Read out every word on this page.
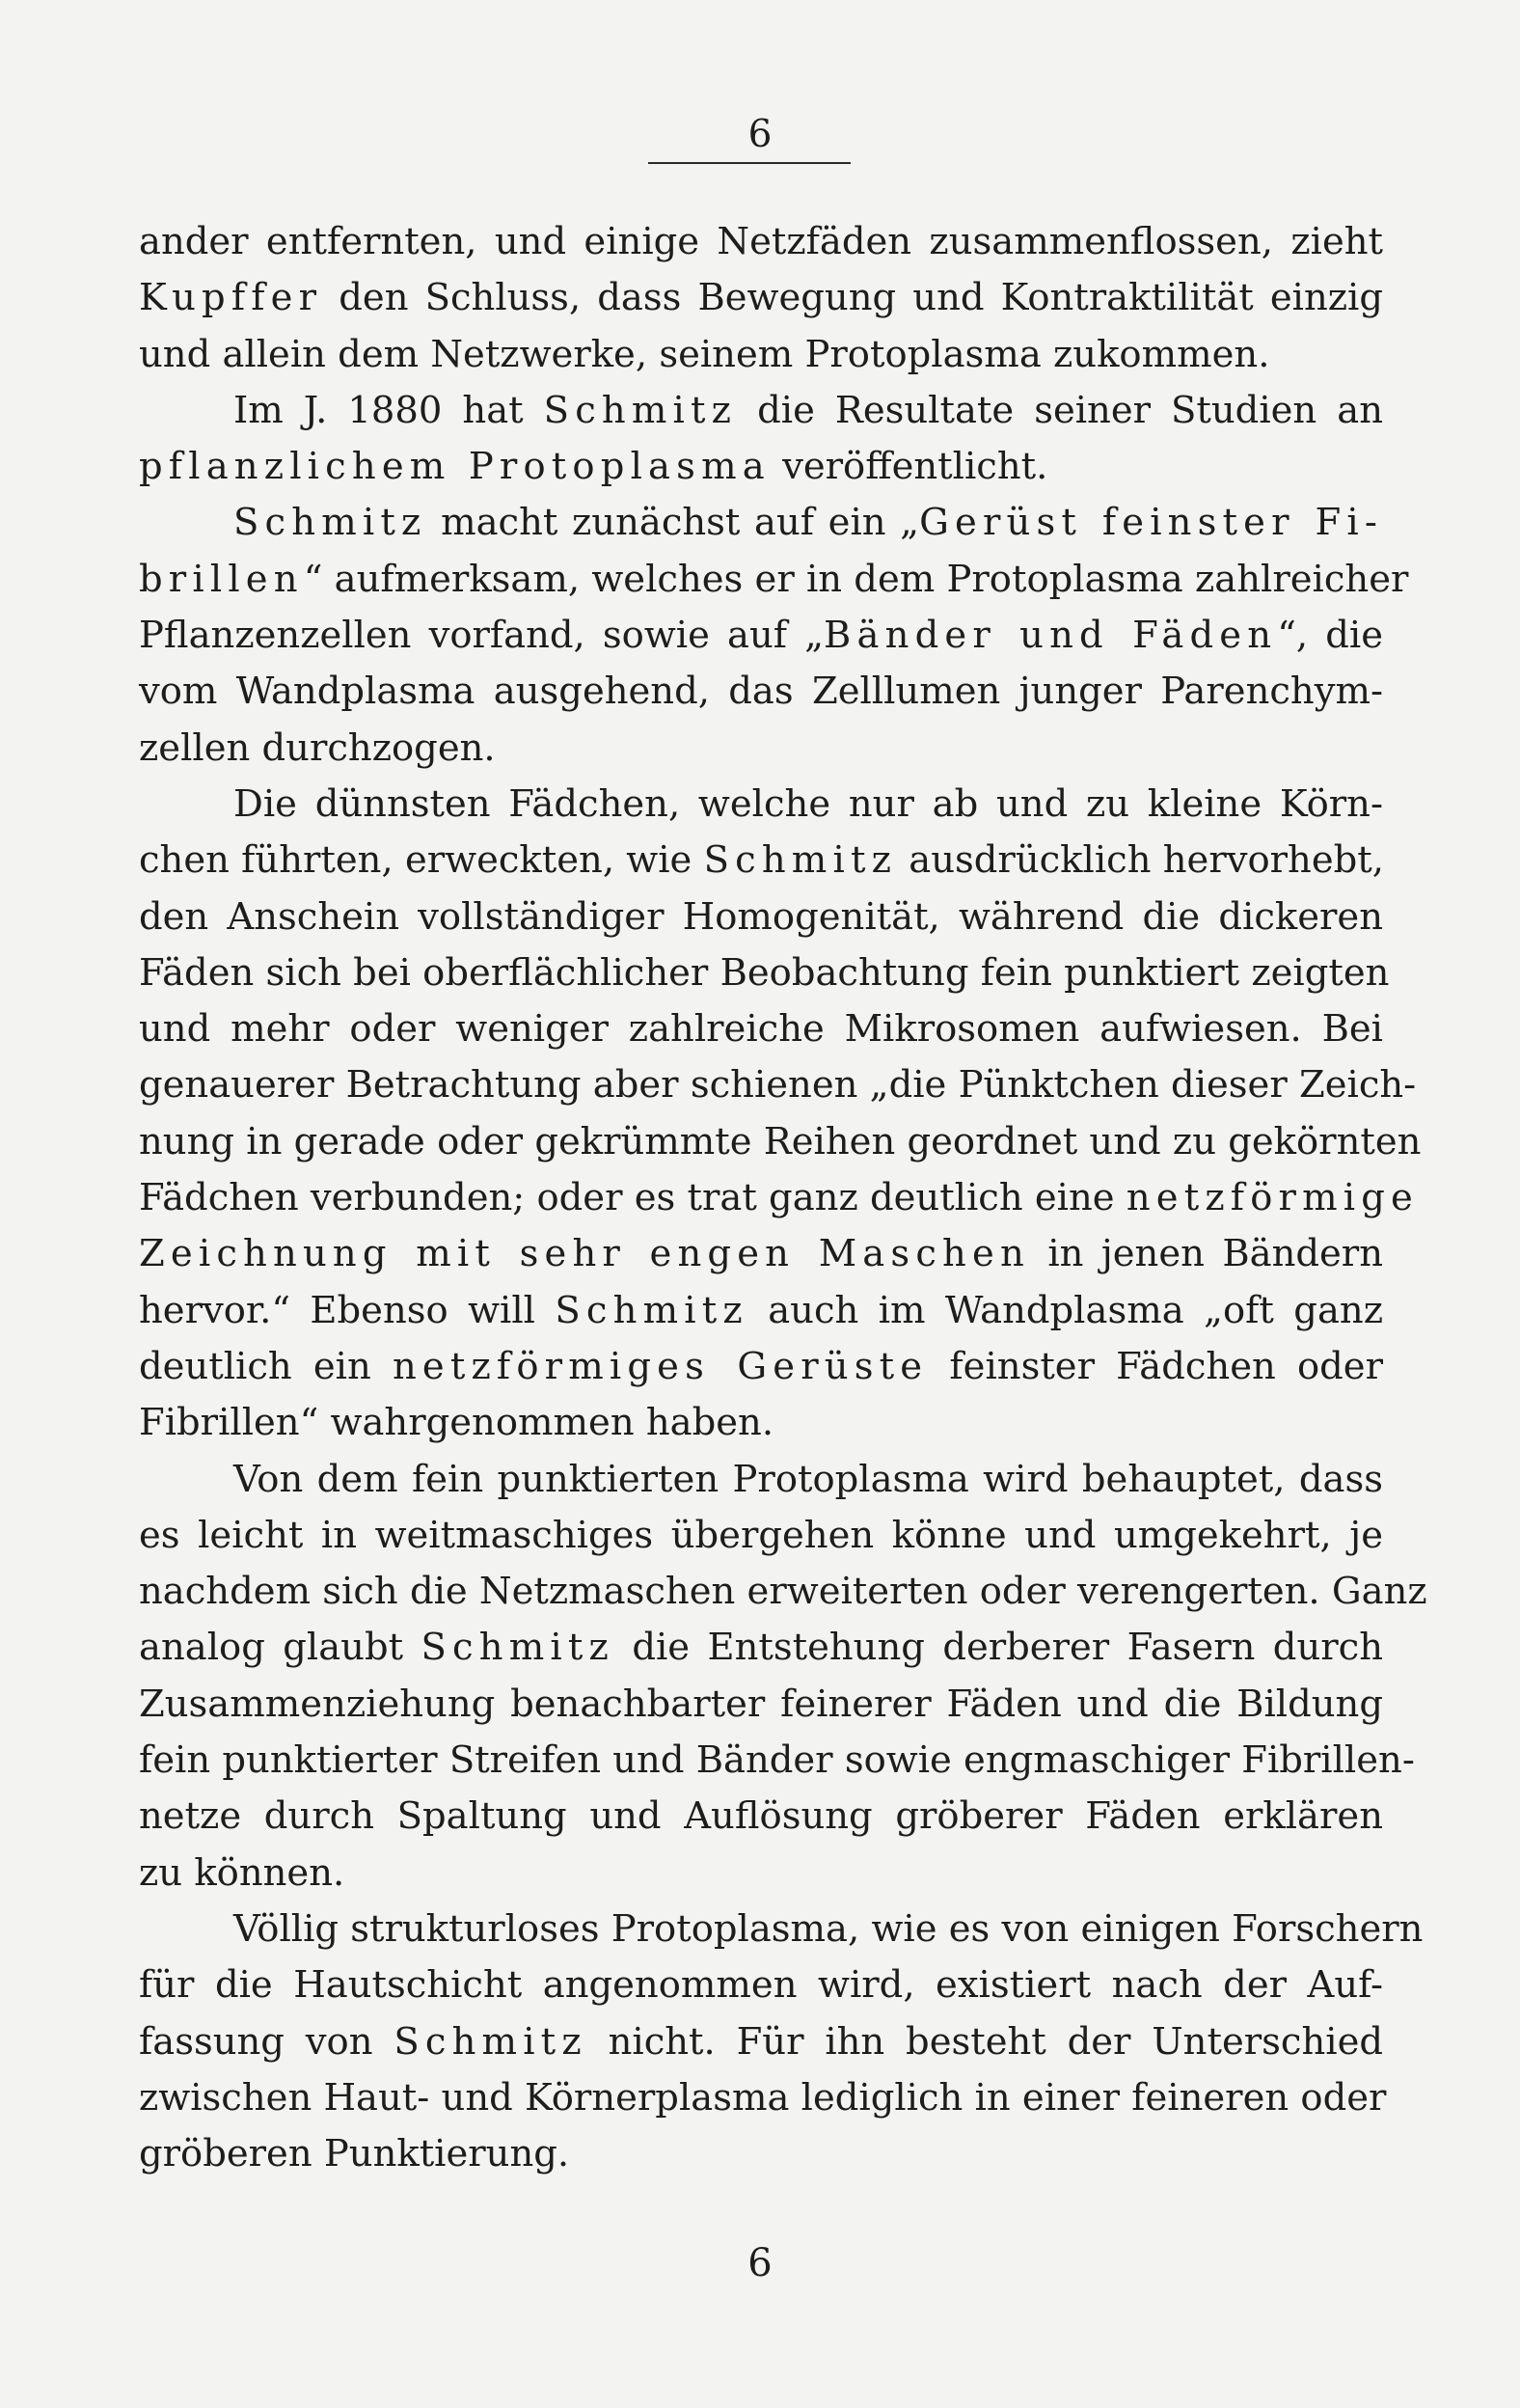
6

ander entfernten, und einige Netzfäden zusammenflossen, zieht
Kupffer den Schluss, dass Bewegung und Kontraktilität einzig
und allein dem Netzwerke, seinem Protoplasma zukommen.

Im J. 1880 hat Schmitz die Resultate seiner Studien an
pflanzlichem Protoplasma veröffentlicht.

Schmitz macht zunächst auf ein „Gerüst feinster Fi-
brillen“ aufmerksam, welches er in dem Protoplasma zahlreicher
Pflanzenzellen vorfand, sowie auf „Bänder und Fäden“, die
vom Wandplasma ausgehend, das Zelllumen junger Parenchym-
zellen durchzogen.

Die dünnsten Fädchen, welche nur ab und zu kleine Körn-
chen führten, erweckten, wie Schmitz ausdrücklich hervorhebt,
den Anschein vollständiger Homogenität, während die dickeren
Fäden sich bei oberflächlicher Beobachtung fein punktiert zeigten
und mehr oder weniger zahlreiche Mikrosomen aufwiesen. Bei
genauerer Betrachtung aber schienen „die Pünktchen dieser Zeich-
nung in gerade oder gekrümmte Reihen geordnet und zu gekörnten
Fädchen verbunden; oder es trat ganz deutlich eine netzförmige
Zeichnung mit sehr engen Maschen in jenen Bändern
hervor.“ Ebenso will Schmitz auch im Wandplasma „oft ganz
deutlich ein netzförmiges Gerüste feinster Fädchen oder
Fibrillen“ wahrgenommen haben.

Von dem fein punktierten Protoplasma wird behauptet, dass
es leicht in weitmaschiges übergehen könne und umgekehrt, je
nachdem sich die Netzmaschen erweiterten oder verengerten. Ganz
analog glaubt Schmitz die Entstehung derberer Fasern durch
Zusammenziehung benachbarter feinerer Fäden und die Bildung
fein punktierter Streifen und Bänder sowie engmaschiger Fibrillen-
netze durch Spaltung und Auflösung gröberer Fäden erklären
zu können.

Völlig strukturloses Protoplasma, wie es von einigen Forschern
für die Hautschicht angenommen wird, existiert nach der Auf-
fassung von Schmitz nicht. Für ihn besteht der Unterschied
zwischen Haut- und Körnerplasma lediglich in einer feineren oder
gröberen Punktierung.

6
